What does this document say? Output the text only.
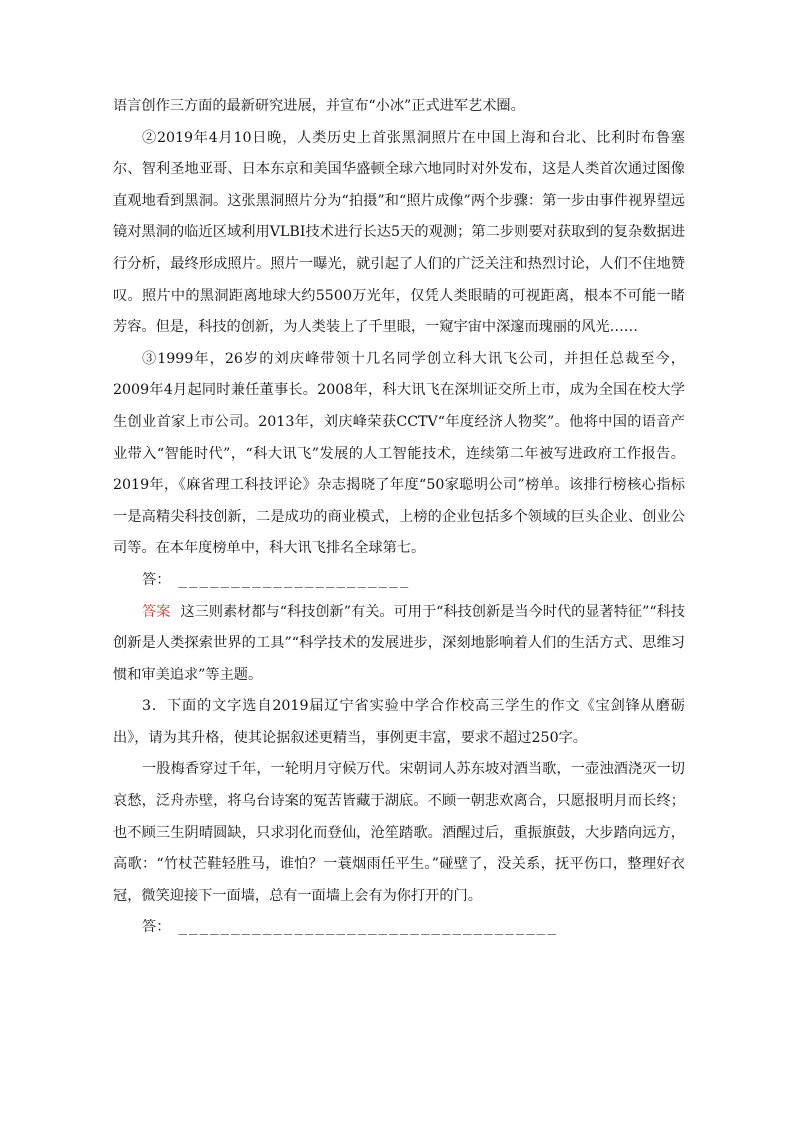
语言创作三方面的最新研究进展，并宣布“小冰”正式进军艺术圈。

②2019年4月10日晚，人类历史上首张黑洞照片在中国上海和台北、比利时布鲁塞尔、智利圣地亚哥、日本东京和美国华盛顿全球六地同时对外发布，这是人类首次通过图像直观地看到黑洞。这张黑洞照片分为“拍摄”和“照片成像”两个步骤：第一步由事件视界望远镜对黑洞的临近区域利用VLBI技术进行长达5天的观测；第二步则要对获取到的复杂数据进行分析，最终形成照片。照片一曝光，就引起了人们的广泛关注和热烈讨论，人们不住地赞叹。照片中的黑洞距离地球大约5500万光年，仅凭人类眼睛的可视距离，根本不可能一睹芳容。但是，科技的创新，为人类装上了千里眼，一窥宇宙中深邃而瑰丽的风光……

③1999年，26岁的刘庆峰带领十几名同学创立科大讯飞公司，并担任总裁至今，2009年4月起同时兼任董事长。2008年，科大讯飞在深圳证交所上市，成为全国在校大学生创业首家上市公司。2013年，刘庆峰荣获CCTV“年度经济人物奖”。他将中国的语音产业带入“智能时代”，“科大讯飞”发展的人工智能技术，连续第二年被写进政府工作报告。2019年，《麻省理工科技评论》杂志揭晓了年度“50家聪明公司”榜单。该排行榜核心指标一是高精尖科技创新，二是成功的商业模式，上榜的企业包括多个领域的巨头企业、创业公司等。在本年度榜单中，科大讯飞排名全球第七。

答： ______________________

答案 这三则素材都与“科技创新”有关。可用于“科技创新是当今时代的显著特征”“科技创新是人类探索世界的工具”“科学技术的发展进步，深刻地影响着人们的生活方式、思维习惯和审美追求”等主题。

3．下面的文字选自2019届辽宁省实验中学合作校高三学生的作文《宝剑锋从磨砺出》，请为其升格，使其论据叙述更精当，事例更丰富，要求不超过250字。

一股梅香穿过千年，一轮明月守候万代。宋朝词人苏东坡对酒当歌，一壶浊酒浇灭一切哀愁，泛舟赤壁，将乌台诗案的冤苦皆藏于湖底。不顾一朝悲欢离合，只愿报明月而长终；也不顾三生阴晴圆缺，只求羽化而登仙，沧笙踏歌。酒醒过后，重振旗鼓，大步踏向远方，高歌：“竹杖芒鞋轻胜马，谁怕？一蓑烟雨任平生。”碰壁了，没关系，抚平伤口，整理好衣冠，微笑迎接下一面墙，总有一面墙上会有为你打开的门。

答： ____________________________________
